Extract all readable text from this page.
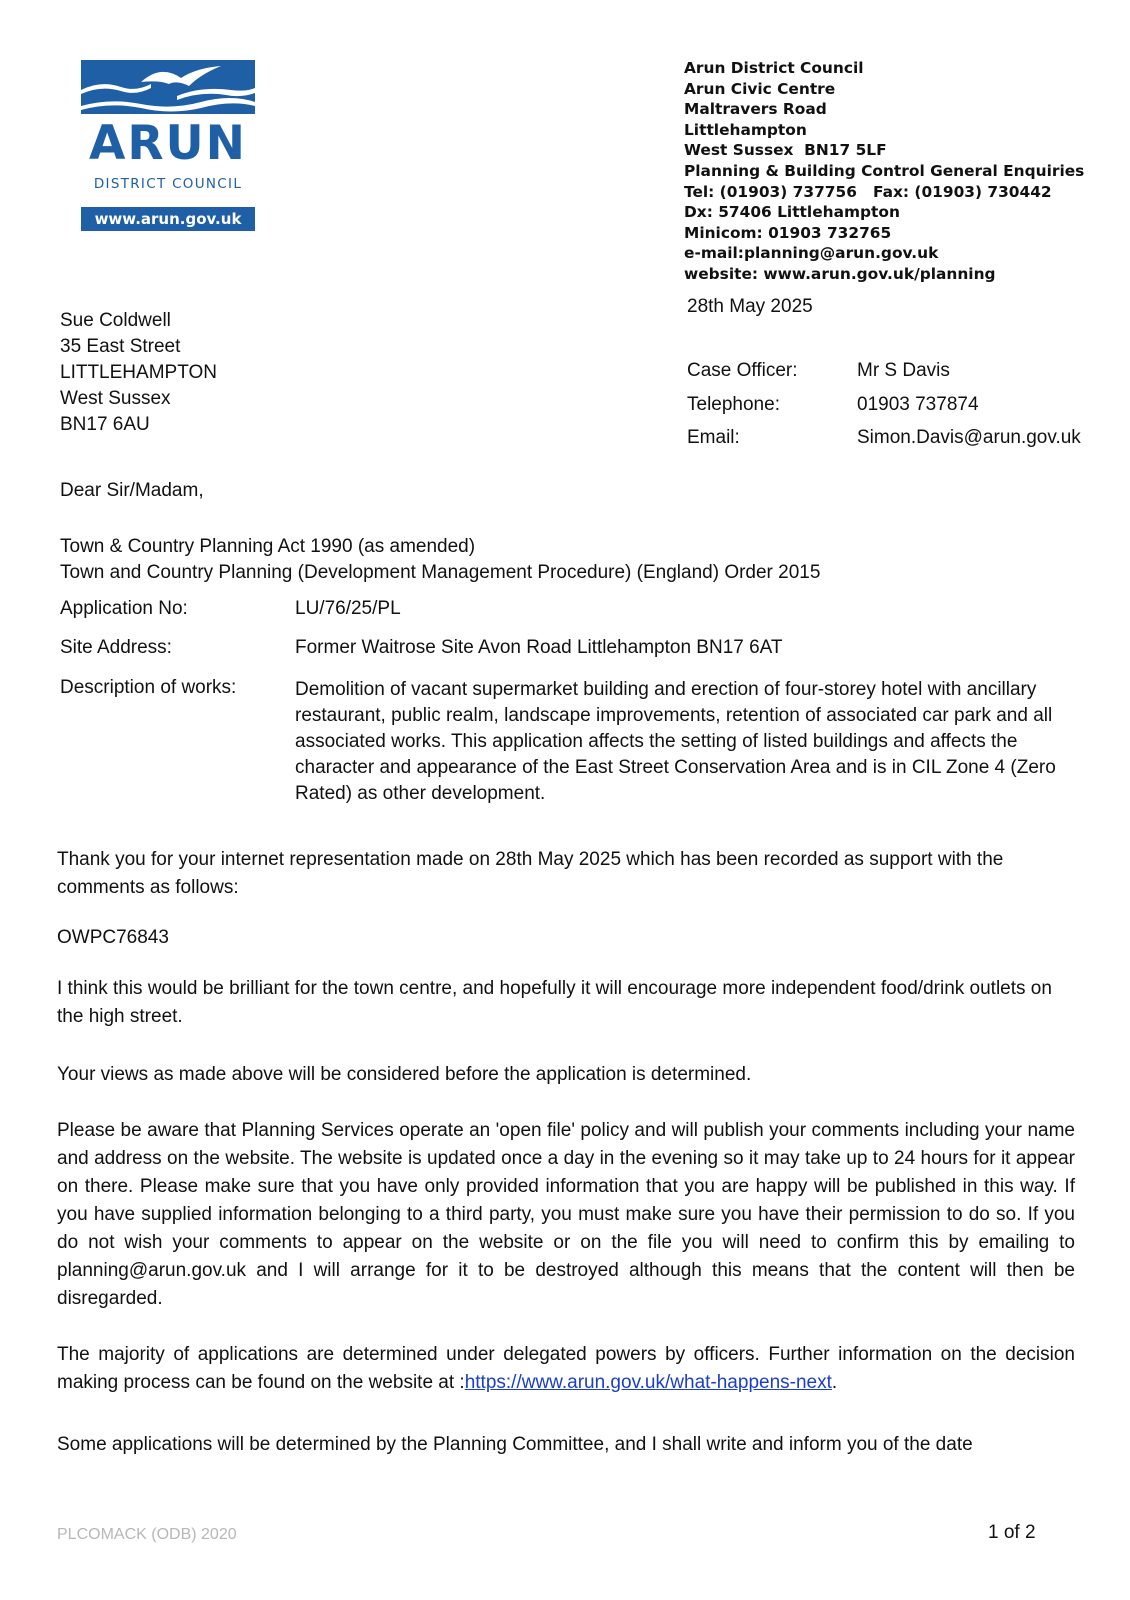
ARUN
DISTRICT COUNCIL
www.arun.gov.uk
Arun District Council
Arun Civic Centre
Maltravers Road
Littlehampton
West Sussex  BN17 5LF
Planning & Building Control General Enquiries
Tel: (01903) 737756   Fax: (01903) 730442
Dx: 57406 Littlehampton
Minicom: 01903 732765
e-mail:planning@arun.gov.uk
website: www.arun.gov.uk/planning
28th May 2025
Sue Coldwell
35 East Street
LITTLEHAMPTON
West Sussex
BN17 6AU
Case Officer:	Mr S Davis
Telephone:	01903 737874
Email:	Simon.Davis@arun.gov.uk
Dear Sir/Madam,
Town & Country Planning Act 1990 (as amended)
Town and Country Planning (Development Management Procedure) (England) Order 2015
Application No:	LU/76/25/PL
Site Address:	Former Waitrose Site Avon Road Littlehampton BN17 6AT
Description of works:	Demolition of vacant supermarket building and erection of four-storey hotel with ancillary restaurant, public realm, landscape improvements, retention of associated car park and all associated works. This application affects the setting of listed buildings and affects the character and appearance of the East Street Conservation Area and is in CIL Zone 4 (Zero Rated) as other development.
Thank you for your internet representation made on 28th May 2025 which has been recorded as support with the comments as follows:
OWPC76843
I think this would be brilliant for the town centre, and hopefully it will encourage more independent food/drink outlets on the high street.
Your views as made above will be considered before the application is determined.
Please be aware that Planning Services operate an 'open file' policy and will publish your comments including your name and address on the website. The website is updated once a day in the evening so it may take up to 24 hours for it appear on there. Please make sure that you have only provided information that you are happy will be published in this way. If you have supplied information belonging to a third party, you must make sure you have their permission to do so. If you do not wish your comments to appear on the website or on the file you will need to confirm this by emailing to planning@arun.gov.uk and I will arrange for it to be destroyed although this means that the content will then be disregarded.
The majority of applications are determined under delegated powers by officers. Further information on the decision making process can be found on the website at :https://www.arun.gov.uk/what-happens-next.
Some applications will be determined by the Planning Committee, and I shall write and inform you of the date
PLCOMACK (ODB) 2020	1 of 2
